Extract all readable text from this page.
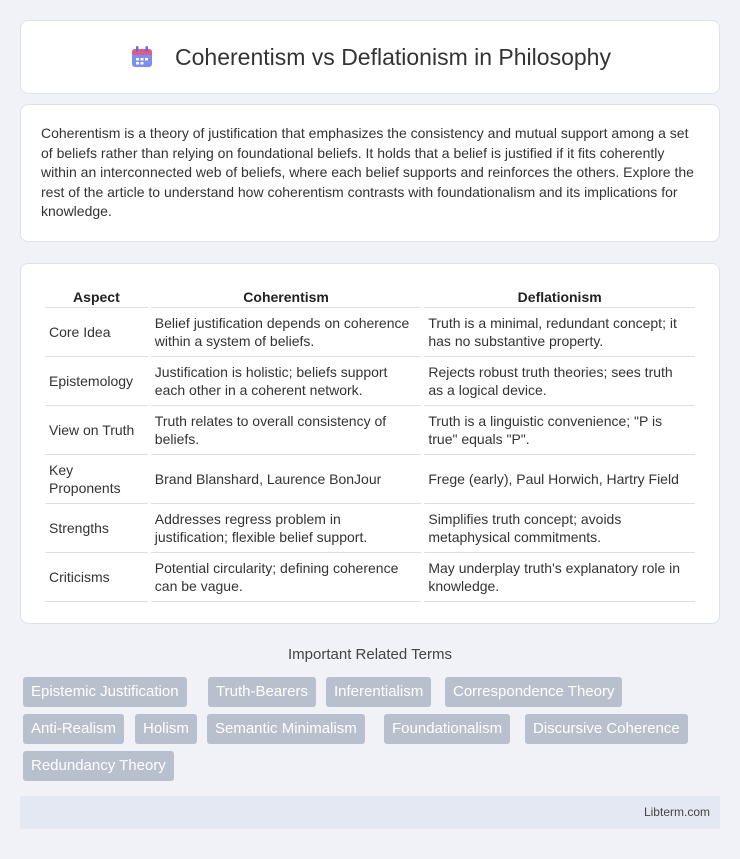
Coherentism vs Deflationism in Philosophy

Coherentism is a theory of justification that emphasizes the consistency and mutual support among a set of beliefs rather than relying on foundational beliefs. It holds that a belief is justified if it fits coherently within an interconnected web of beliefs, where each belief supports and reinforces the others. Explore the rest of the article to understand how coherentism contrasts with foundationalism and its implications for knowledge.

Aspect	Coherentism	Deflationism
Core Idea	Belief justification depends on coherence within a system of beliefs.	Truth is a minimal, redundant concept; it has no substantive property.
Epistemology	Justification is holistic; beliefs support each other in a coherent network.	Rejects robust truth theories; sees truth as a logical device.
View on Truth	Truth relates to overall consistency of beliefs.	Truth is a linguistic convenience; "P is true" equals "P".
Key Proponents	Brand Blanshard, Laurence BonJour	Frege (early), Paul Horwich, Hartry Field
Strengths	Addresses regress problem in justification; flexible belief support.	Simplifies truth concept; avoids metaphysical commitments.
Criticisms	Potential circularity; defining coherence can be vague.	May underplay truth's explanatory role in knowledge.
Important Related Terms
Epistemic Justification	Truth-Bearers	Inferentialism	Correspondence Theory
Anti-Realism	Holism	Semantic Minimalism	Foundationalism	Discursive Coherence
Redundancy Theory
Libterm.com
